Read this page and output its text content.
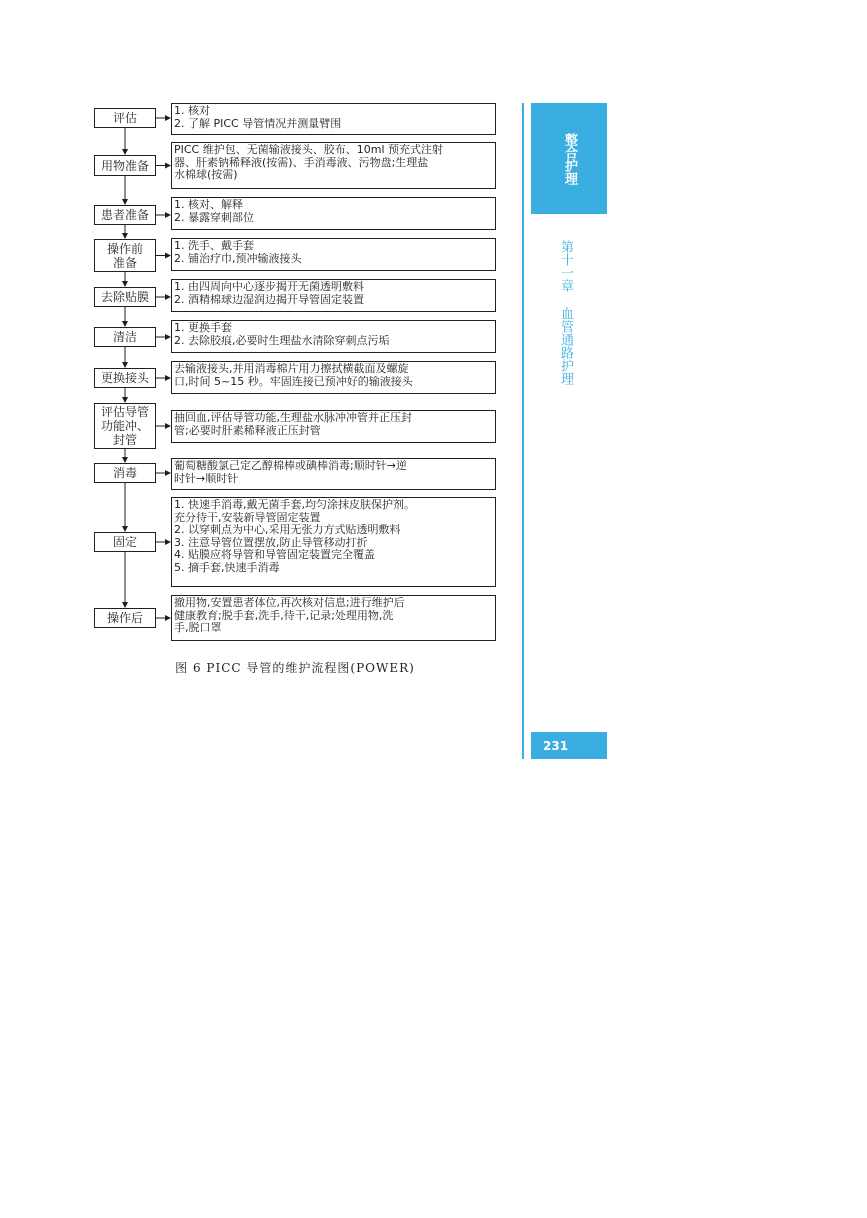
评估
1. 核对
2. 了解 PICC 导管情况并测量臂围
用物准备
PICC 维护包、无菌输液接头、胶布、10ml 预充式注射
器、肝素钠稀释液(按需)、手消毒液、污物盘;生理盐
水棉球(按需)
患者准备
1. 核对、解释
2. 暴露穿刺部位
操作前
准备
1. 洗手、戴手套
2. 铺治疗巾,预冲输液接头
去除贴膜
1. 由四周向中心逐步揭开无菌透明敷料
2. 酒精棉球边湿润边揭开导管固定装置
清洁
1. 更换手套
2. 去除胶痕,必要时生理盐水清除穿刺点污垢
更换接头
去输液接头,并用消毒棉片用力擦拭横截面及螺旋
口,时间 5~15 秒。牢固连接已预冲好的输液接头
评估导管
功能冲、
封管
抽回血,评估导管功能,生理盐水脉冲冲管并正压封
管;必要时肝素稀释液正压封管
消毒
葡萄糖酸氯己定乙醇棉棒或碘棒消毒;顺时针→逆
时针→顺时针
固定
1. 快速手消毒,戴无菌手套,均匀涂抹皮肤保护剂。
充分待干,安装新导管固定装置
2. 以穿刺点为中心,采用无张力方式贴透明敷料
3. 注意导管位置摆放,防止导管移动打折
4. 贴膜应将导管和导管固定装置完全覆盖
5. 摘手套,快速手消毒
操作后
撤用物,安置患者体位,再次核对信息;进行维护后
健康教育;脱手套,洗手,待干,记录;处理用物,洗
手,脱口罩
图 6 PICC 导管的维护流程图(POWER)
整合护理
第十一章 血管通路护理
231
